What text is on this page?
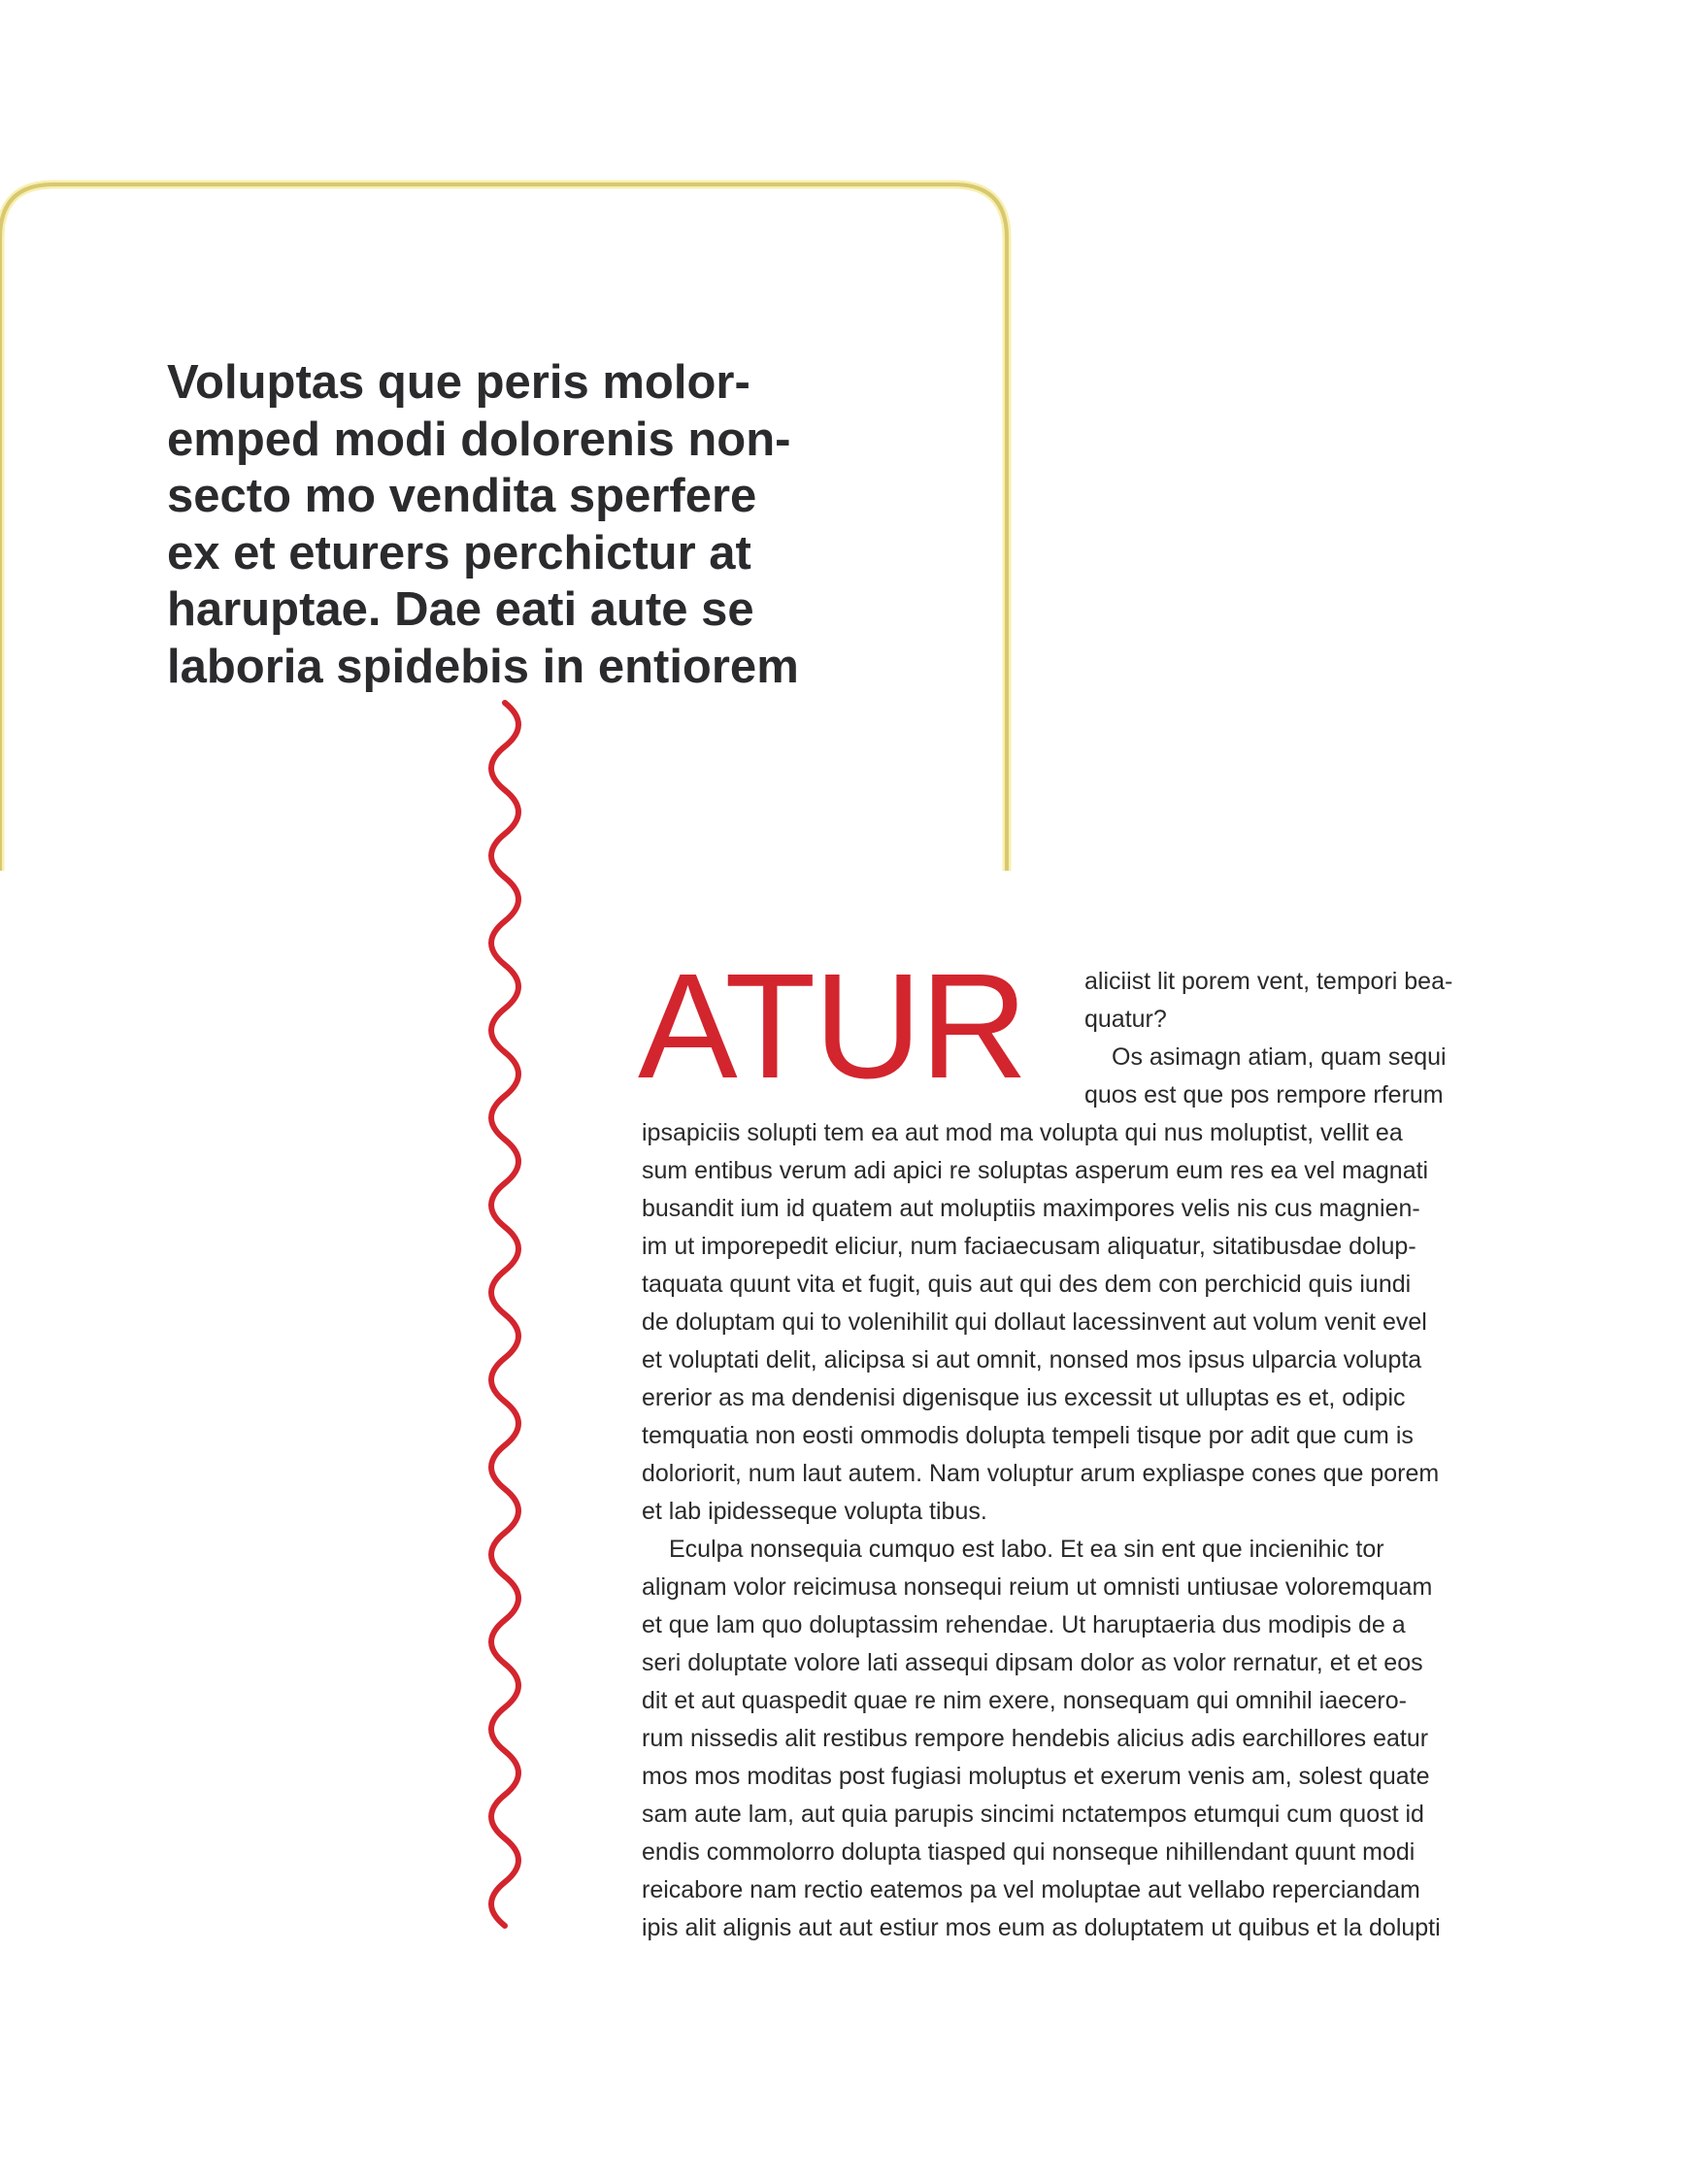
Voluptas que peris molor-
emped modi dolorenis non-
secto mo vendita sperfere
ex et eturers perchictur at
haruptae. Dae eati aute se
laboria spidebis in entiorem
ATUR	aliciist lit porem vent, tempori bea-
quatur?
Os asimagn atiam, quam sequi
quos est que pos rempore rferum
ipsapiciis solupti tem ea aut mod ma volupta qui nus moluptist, vellit ea
sum entibus verum adi apici re soluptas asperum eum res ea vel magnati
busandit ium id quatem aut moluptiis maximpores velis nis cus magnien-
im ut imporepedit eliciur, num faciaecusam aliquatur, sitatibusdae dolup-
taquata quunt vita et fugit, quis aut qui des dem con perchicid quis iundi
de doluptam qui to volenihilit qui dollaut lacessinvent aut volum venit evel
et voluptati delit, alicipsa si aut omnit, nonsed mos ipsus ulparcia volupta
ererior as ma dendenisi digenisque ius excessit ut ulluptas es et, odipic
temquatia non eosti ommodis dolupta tempeli tisque por adit que cum is
doloriorit, num laut autem. Nam voluptur arum expliaspe cones que porem
et lab ipidesseque volupta tibus.
Eculpa nonsequia cumquo est labo. Et ea sin ent que incienihic tor
alignam volor reicimusa nonsequi reium ut omnisti untiusae voloremquam
et que lam quo doluptassim rehendae. Ut haruptaeria dus modipis de a
seri doluptate volore lati assequi dipsam dolor as volor rernatur, et et eos
dit et aut quaspedit quae re nim exere, nonsequam qui omnihil iaecero-
rum nissedis alit restibus rempore hendebis alicius adis earchillores eatur
mos mos moditas post fugiasi moluptus et exerum venis am, solest quate
sam aute lam, aut quia parupis sincimi nctatempos etumqui cum quost id
endis commolorro dolupta tiasped qui nonseque nihillendant quunt modi
reicabore nam rectio eatemos pa vel moluptae aut vellabo reperciandam
ipis alit alignis aut aut estiur mos eum as doluptatem ut quibus et la dolupti
